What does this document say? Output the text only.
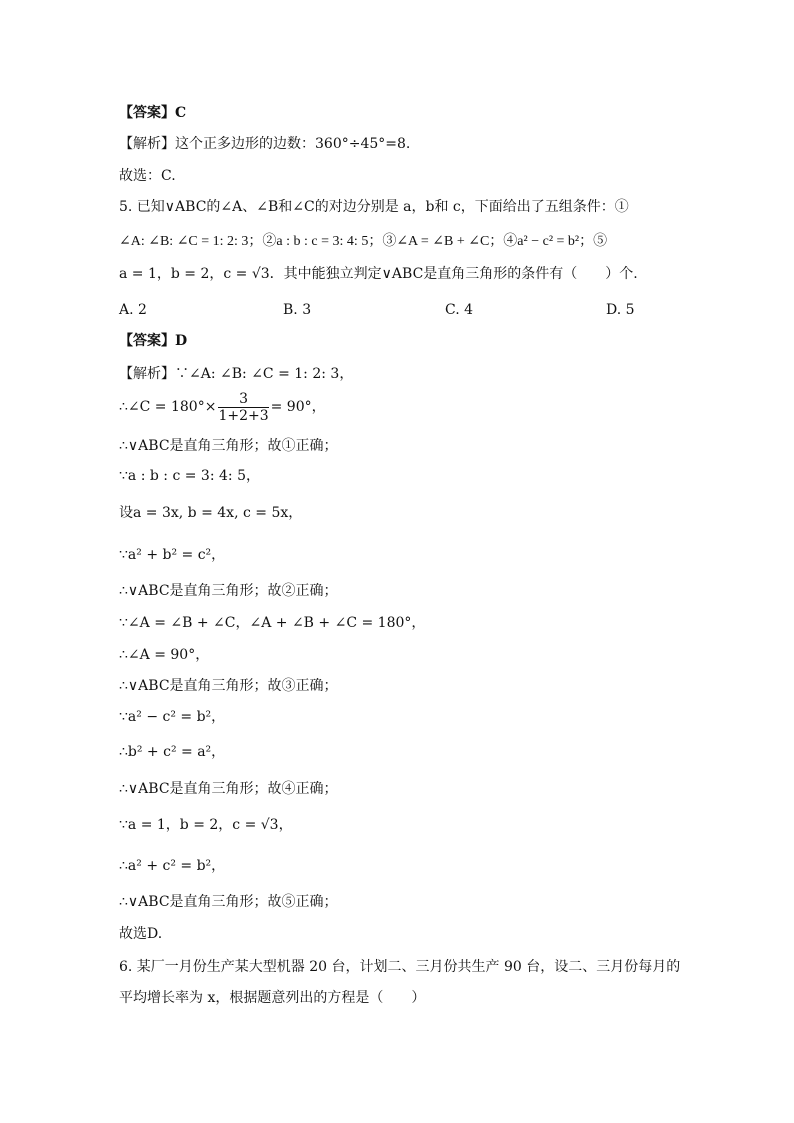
【答案】C
【解析】这个正多边形的边数：360°÷45°=8.
故选：C.
5. 已知∨ABC的∠A、∠B和∠C的对边分别是 a，b和 c，下面给出了五组条件：①
∠A: ∠B: ∠C = 1: 2: 3；②a : b : c = 3: 4: 5；③∠A = ∠B + ∠C；④a² − c² = b²；⑤
a = 1，b = 2，c = √3．其中能独立判定∨ABC是直角三角形的条件有（　　）个.
A. 2	B. 3	C. 4	D. 5
【答案】D
【解析】∵∠A: ∠B: ∠C = 1: 2: 3，
∴∠C = $180^\circ\times \frac{3}{1+2+3} = 90^\circ$，
∴∨ABC是直角三角形；故①正确；
∵a : b : c = 3: 4: 5，
设a = 3x, b = 4x, c = 5x，
∵a² + b² = c²，
∴∨ABC是直角三角形；故②正确；
∵∠A = ∠B + ∠C，∠A + ∠B + ∠C = 180°，
∴∠A = 90°，
∴∨ABC是直角三角形；故③正确；
∵a² − c² = b²，
∴b² + c² = a²，
∴∨ABC是直角三角形；故④正确；
∵a = 1，b = 2，c = √3，
∴a² + c² = b²，
∴∨ABC是直角三角形；故⑤正确；
故选D.
6. 某厂一月份生产某大型机器 20 台，计划二、三月份共生产 90 台，设二、三月份每月的
平均增长率为 x，根据题意列出的方程是（　　）
